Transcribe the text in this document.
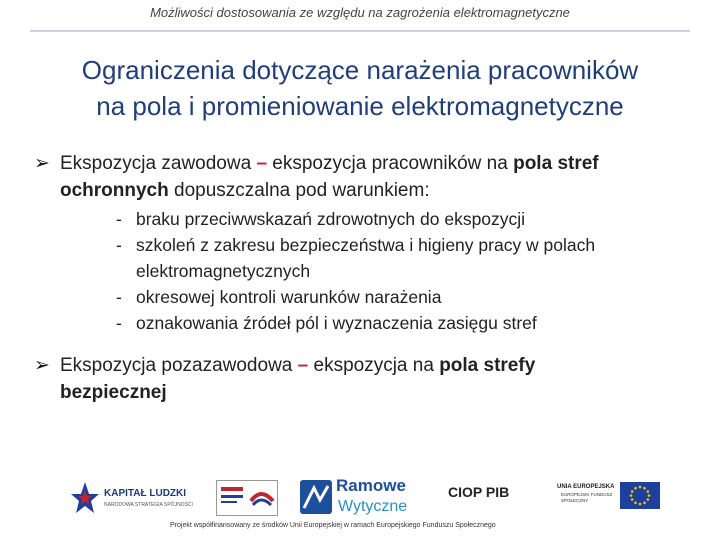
Możliwości dostosowania ze względu na zagrożenia elektromagnetyczne
Ograniczenia dotyczące narażenia pracowników
na pola i promieniowanie elektromagnetyczne
➢ Ekspozycja zawodowa – ekspozycja pracowników na pola stref ochronnych dopuszczalna pod warunkiem:
- braku przeciwwskazań zdrowotnych do ekspozycji
- szkoleń z zakresu bezpieczeństwa i higieny pracy w polach elektromagnetycznych
- okresowej kontroli warunków narażenia
- oznakowania źródeł pól i wyznaczenia zasięgu stref
➢ Ekspozycja pozazawodowa – ekspozycja na pola strefy
bezpiecznej
KAPITAŁ LUDZKI
NARODOWA STRATEGIA SPÓJNOŚCI
Ramowe
Wytyczne
CIOP PIB	UNIA EUROPEJSKA
EUROPEJSKI FUNDUSZ SPOŁECZNY
Projekt współfinansowany ze środków Unii Europejskiej w ramach Europejskiego Funduszu Społecznego
